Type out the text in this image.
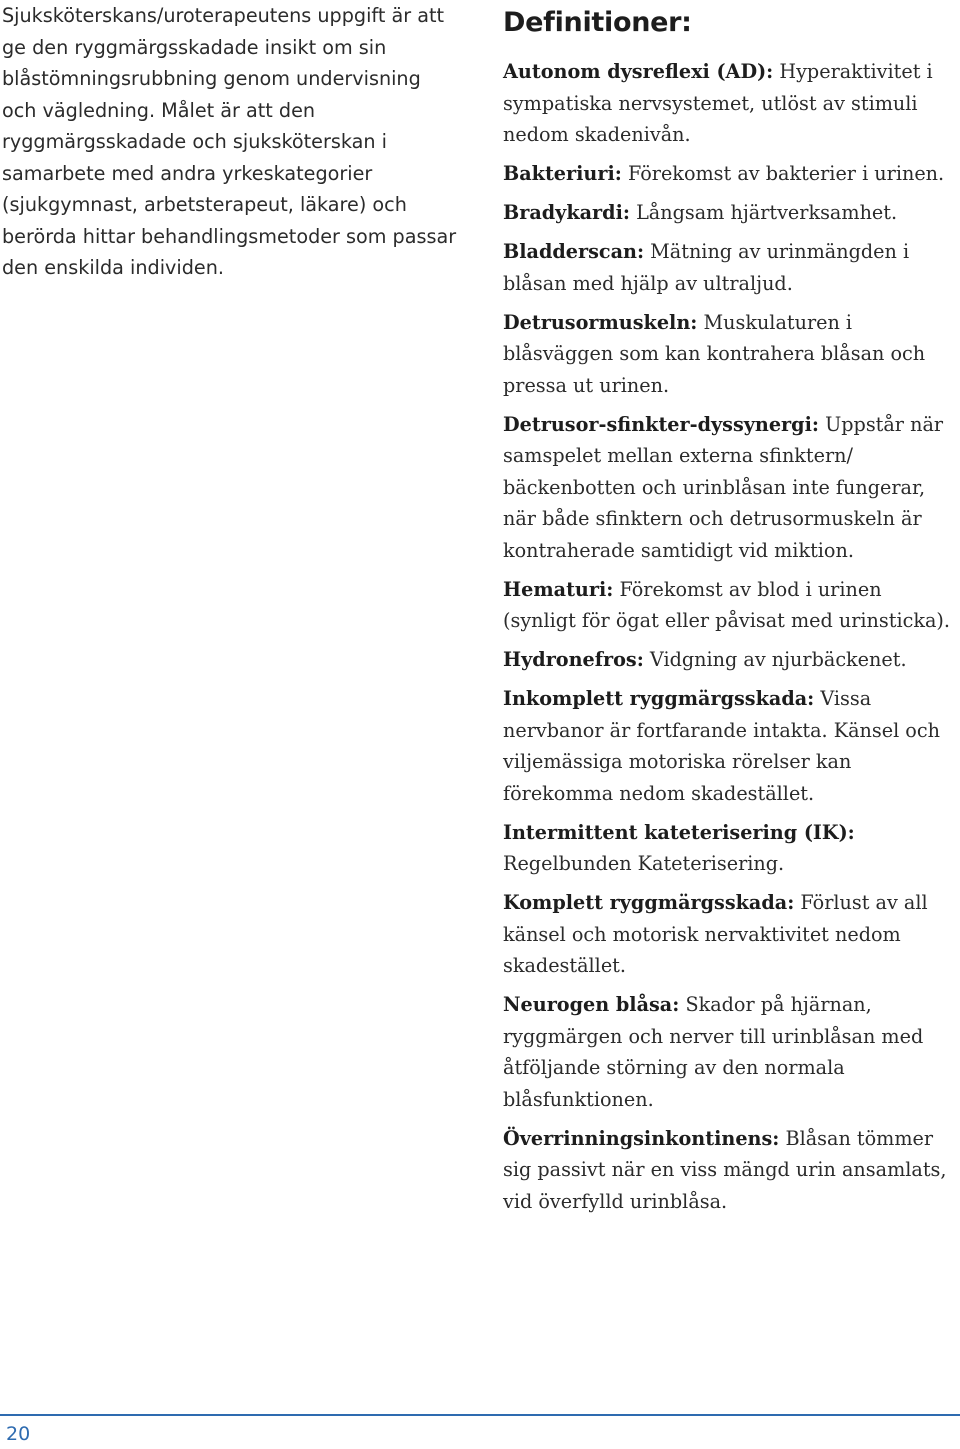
Sjuksköterskans/uroterapeutens uppgift är att ge den ryggmärgsskadade insikt om sin blåstömningsrubbning genom undervisning och vägledning. Målet är att den ryggmärgsskadade och sjuksköterskan i samarbete med andra yrkeskategorier (sjukgymnast, arbetsterapeut, läkare) och berörda hittar behandlingsmetoder som passar den enskilda individen.

Definitioner:
Autonom dysreflexi (AD): Hyperaktivitet i sympatiska nervsystemet, utlöst av stimuli nedom skadenivån.
Bakteriuri: Förekomst av bakterier i urinen.
Bradykardi: Långsam hjärtverksamhet.
Bladderscan: Mätning av urinmängden i blåsan med hjälp av ultraljud.
Detrusormuskeln: Muskulaturen i blåsväggen som kan kontrahera blåsan och pressa ut urinen.
Detrusor-sfinkter-dyssynergi: Uppstår när samspelet mellan externa sfinktern/ bäckenbotten och urinblåsan inte fungerar, när både sfinktern och detrusormuskeln är kontraherade samtidigt vid miktion.
Hematuri: Förekomst av blod i urinen (synligt för ögat eller påvisat med urinsticka).
Hydronefros: Vidgning av njurbäckenet.
Inkomplett ryggmärgsskada: Vissa nervbanor är fortfarande intakta. Känsel och viljemässiga motoriska rörelser kan förekomma nedom skadestället.
Intermittent kateterisering (IK): Regelbunden Kateterisering.
Komplett ryggmärgsskada: Förlust av all känsel och motorisk nervaktivitet nedom skadestället.
Neurogen blåsa: Skador på hjärnan, ryggmärgen och nerver till urinblåsan med åtföljande störning av den normala blåsfunktionen.
Överrinningsinkontinens: Blåsan tömmer sig passivt när en viss mängd urin ansamlats, vid överfylld urinblåsa.
20
